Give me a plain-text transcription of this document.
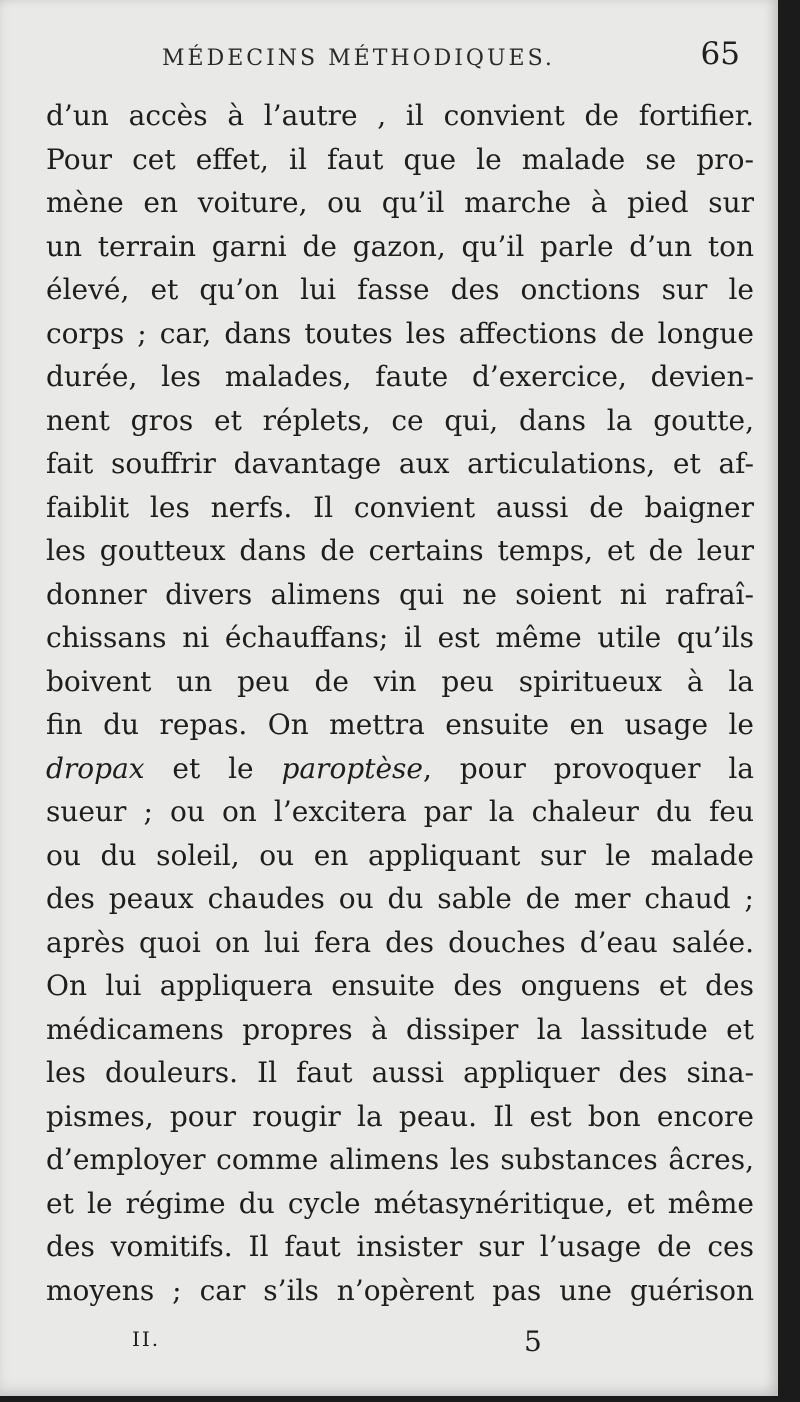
MÉDECINS MÉTHODIQUES.	65
d’un accès à l’autre , il convient de fortifier.
Pour cet effet, il faut que le malade se pro-
mène en voiture, ou qu’il marche à pied sur
un terrain garni de gazon, qu’il parle d’un ton
élevé, et qu’on lui fasse des onctions sur le
corps ; car, dans toutes les affections de longue
durée, les malades, faute d’exercice, devien-
nent gros et réplets, ce qui, dans la goutte,
fait souffrir davantage aux articulations, et af-
faiblit les nerfs. Il convient aussi de baigner
les goutteux dans de certains temps, et de leur
donner divers alimens qui ne soient ni rafraî-
chissans ni échauffans; il est même utile qu’ils
boivent un peu de vin peu spiritueux à la
fin du repas. On mettra ensuite en usage le
dropax et le paroptèse, pour provoquer la
sueur ; ou on l’excitera par la chaleur du feu
ou du soleil, ou en appliquant sur le malade
des peaux chaudes ou du sable de mer chaud ;
après quoi on lui fera des douches d’eau salée.
On lui appliquera ensuite des onguens et des
médicamens propres à dissiper la lassitude et
les douleurs. Il faut aussi appliquer des sina-
pismes, pour rougir la peau. Il est bon encore
d’employer comme alimens les substances âcres,
et le régime du cycle métasynéritique, et même
des vomitifs. Il faut insister sur l’usage de ces
moyens ; car s’ils n’opèrent pas une guérison
II.	5
